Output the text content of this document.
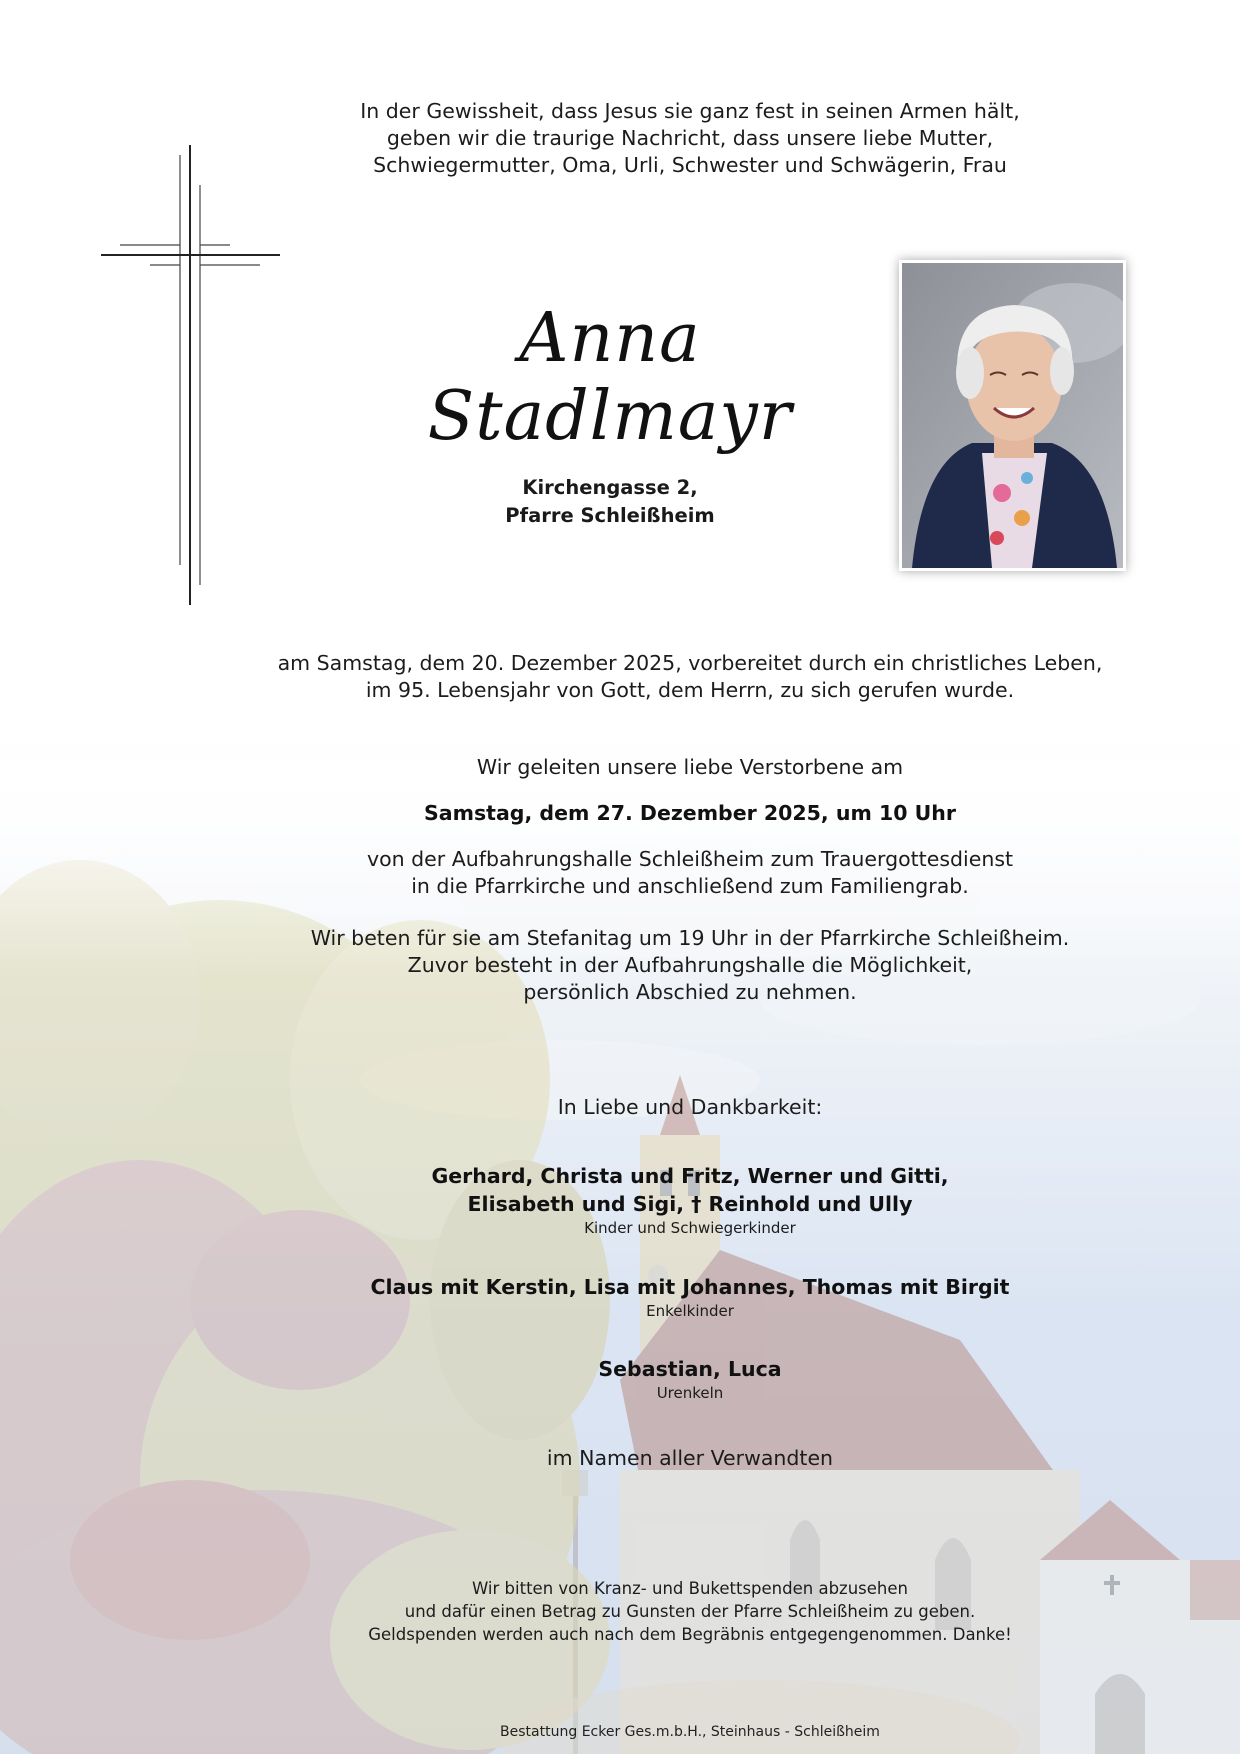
In der Gewissheit, dass Jesus sie ganz fest in seinen Armen hält,
geben wir die traurige Nachricht, dass unsere liebe Mutter,
Schwiegermutter, Oma, Urli, Schwester und Schwägerin, Frau
Anna
Stadlmayr
Kirchengasse 2,
Pfarre Schleißheim
am Samstag, dem 20. Dezember 2025, vorbereitet durch ein christliches Leben,
im 95. Lebensjahr von Gott, dem Herrn, zu sich gerufen wurde.
Wir geleiten unsere liebe Verstorbene am
Samstag, dem 27. Dezember 2025, um 10 Uhr
von der Aufbahrungshalle Schleißheim zum Trauergottesdienst
in die Pfarrkirche und anschließend zum Familiengrab.
Wir beten für sie am Stefanitag um 19 Uhr in der Pfarrkirche Schleißheim.
Zuvor besteht in der Aufbahrungshalle die Möglichkeit,
persönlich Abschied zu nehmen.
In Liebe und Dankbarkeit:
Gerhard, Christa und Fritz, Werner und Gitti,
Elisabeth und Sigi, † Reinhold und Ully
Kinder und Schwiegerkinder
Claus mit Kerstin, Lisa mit Johannes, Thomas mit Birgit
Enkelkinder
Sebastian, Luca
Urenkeln
im Namen aller Verwandten
Wir bitten von Kranz- und Bukettspenden abzusehen
und dafür einen Betrag zu Gunsten der Pfarre Schleißheim zu geben.
Geldspenden werden auch nach dem Begräbnis entgegengenommen. Danke!
Bestattung Ecker Ges.m.b.H., Steinhaus - Schleißheim
